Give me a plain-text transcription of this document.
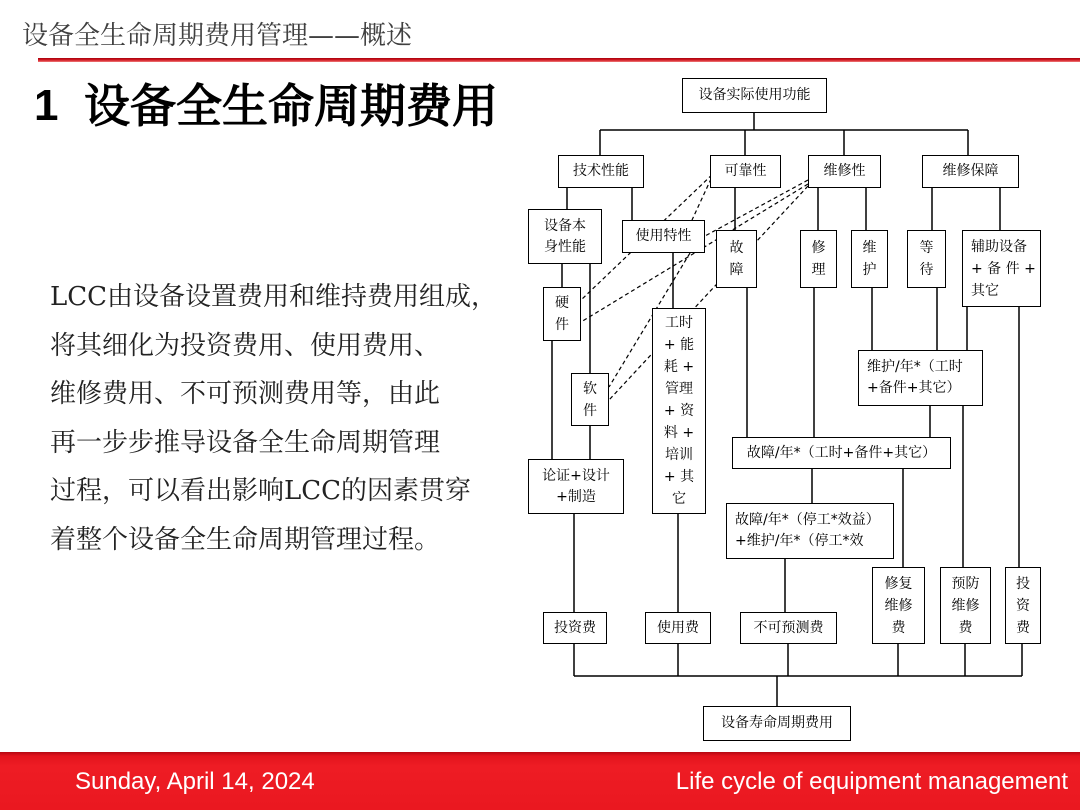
设备全生命周期费用管理——概述
1 设备全生命周期费用
LCC由设备设置费用和维持费用组成，
将其细化为投资费用、使用费用、
维修费用、不可预测费用等，由此
再一步步推导设备全生命周期管理
过程，可以看出影响LCC的因素贯穿
着整个设备全生命周期管理过程。
设备实际使用功能
技术性能	可靠性	维修性	维修保障
设备本
身性能
使用特性
故
障
修
理
维
护
等
待
辅助设备
+ 备 件 +
其它
硬
件	工时
+ 能
耗 +
管理
+ 资
料 +
培训
+ 其
它
软
件
维护/年*（工时
+备件+其它）
论证+设计
+制造
故障/年*（工时+备件+其它）
故障/年*（停工*效益）
+维护/年*（停工*效
修复
维修
费
预防
维修
费
投
资
费
投资费	使用费	不可预测费
设备寿命周期费用
Sunday, April 14, 2024	Life cycle of equipment management
